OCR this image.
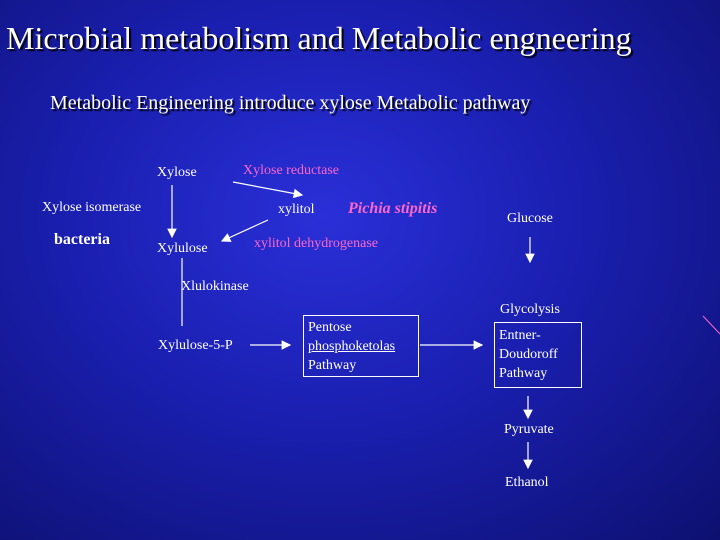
Microbial metabolism and Metabolic engneering
Metabolic Engineering introduce xylose Metabolic pathway
Xylose	Xylose reductase
Xylose isomerase	xylitol Pichia stipitis
Glucose
bacteria
Xylulose	xylitol dehydrogenase
Xlulokinase
Glycolysis
Xylulose-5-P
Pentose
phosphoketolas
Pathway
Entner-
Doudoroff
Pathway
Pyruvate
Ethanol
